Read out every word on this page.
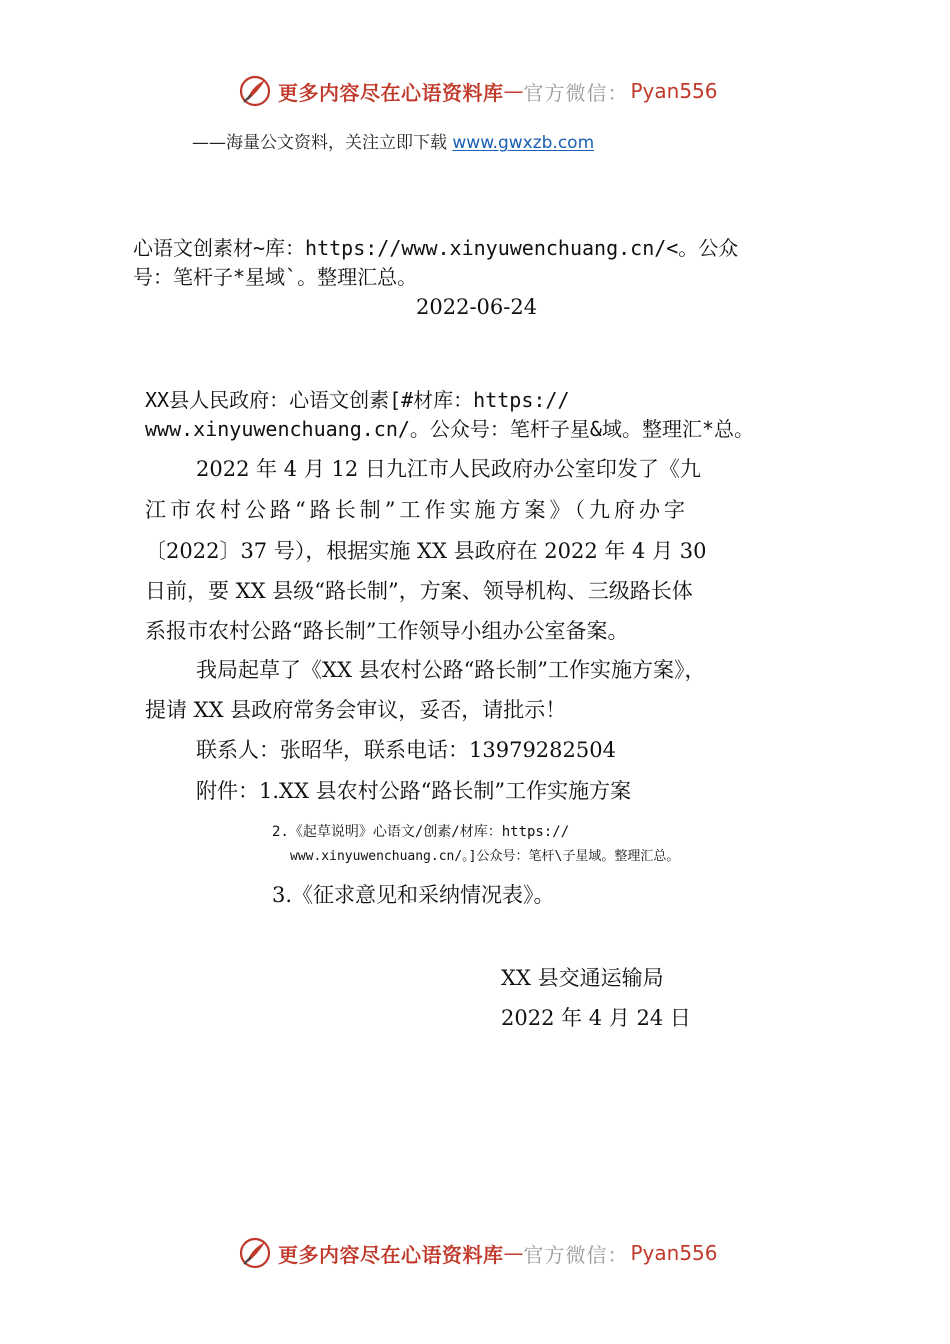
更多内容尽在心语资料库 — 官方微信： Pyan556
——海量公文资料，关注立即下载 www.gwxzb.com
心语文创素材~库：https://www.xinyuwenchuang.cn/<。公众
号：笔杆子*星域`。整理汇总。
2022-06-24
XX县人民政府：心语文创素[#材库：https://
www.xinyuwenchuang.cn/。公众号：笔杆子星&域。整理汇*总。
2022 年 4 月 12 日九江市人民政府办公室印发了《九
江市农村公路“路长制”工作实施方案》（九府办字
〔2022〕37 号），根据实施 XX 县政府在 2022 年 4 月 30
日前，要 XX 县级“路长制”，方案、领导机构、三级路长体
系报市农村公路“路长制”工作领导小组办公室备案。
我局起草了《XX 县农村公路“路长制”工作实施方案》，
提请 XX 县政府常务会审议，妥否，请批示！
联系人：张昭华，联系电话：13979282504
附件：1.XX 县农村公路“路长制”工作实施方案
2.《起草说明》心语文/创素/材库：https://
www.xinyuwenchuang.cn/。]公众号：笔杆\子星域。整理汇总。
3.《征求意见和采纳情况表》。
XX 县交通运输局
2022 年 4 月 24 日
更多内容尽在心语资料库 — 官方微信： Pyan556
